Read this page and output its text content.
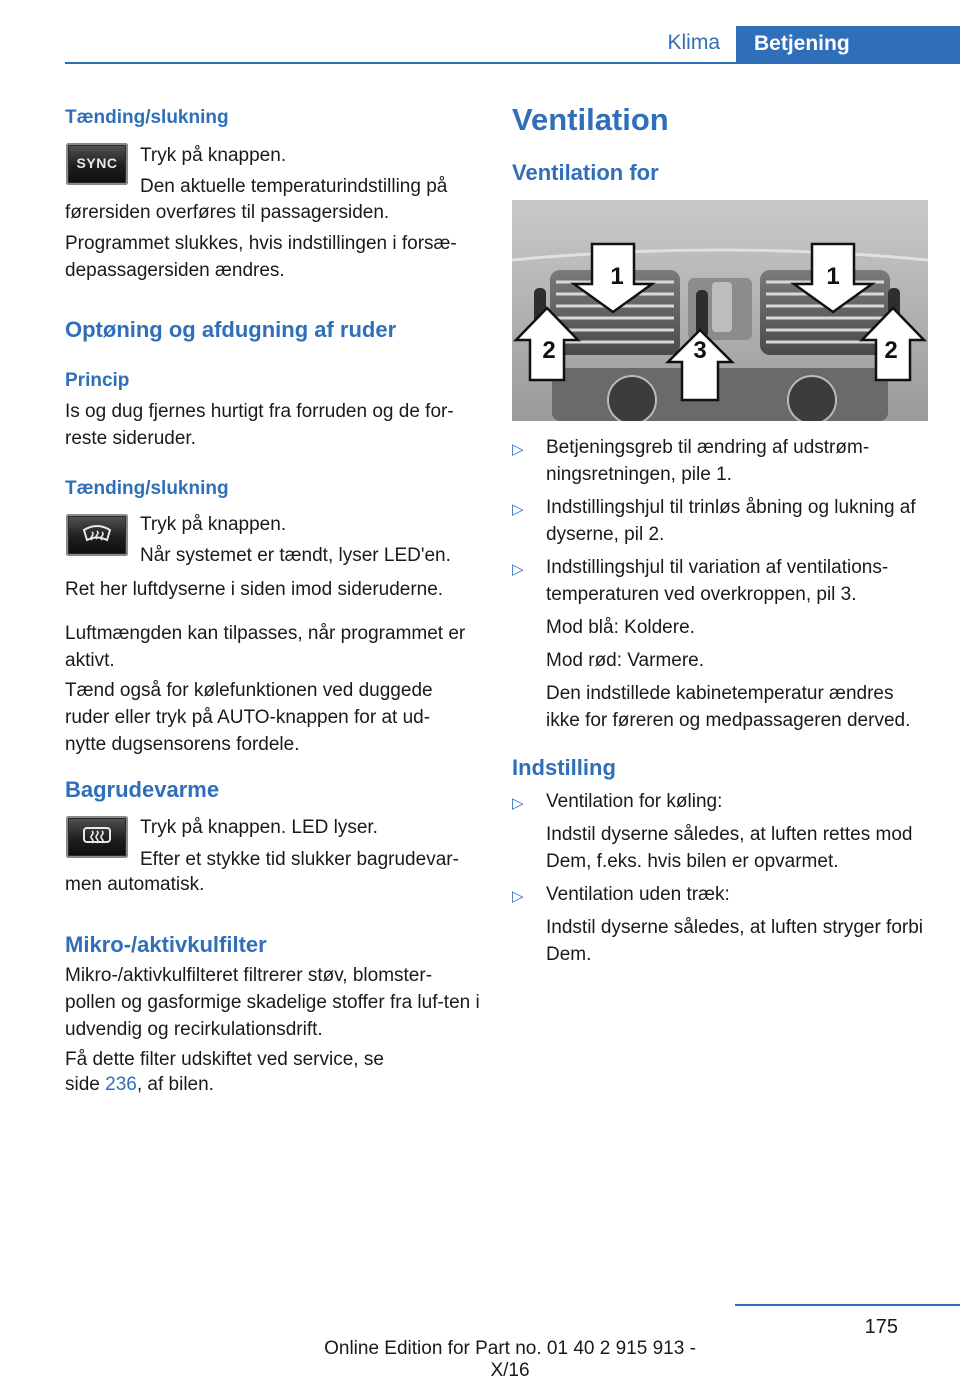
Klima	Betjening
Tænding/slukning
SYNC	Tryk på knappen.
Den aktuelle temperaturindstilling på
førersiden overføres til passagersiden.
Programmet slukkes, hvis indstillingen i forsæ-depassagersiden ændres.
Optøning og afdugning af ruder
Princip
Is og dug fjernes hurtigt fra forruden og de for-reste sideruder.
Tænding/slukning
Tryk på knappen.
Når systemet er tændt, lyser LED'en.
Ret her luftdyserne i siden imod sideruderne.
Luftmængden kan tilpasses, når programmet er aktivt.
Tænd også for kølefunktionen ved duggede ruder eller tryk på AUTO-knappen for at ud-nytte dugsensorens fordele.
Bagrudevarme
Tryk på knappen. LED lyser.
Efter et stykke tid slukker bagrudevar-
men automatisk.
Mikro-/aktivkulfilter
Mikro-/aktivkulfilteret filtrerer støv, blomster-pollen og gasformige skadelige stoffer fra luf-ten i udvendig og recirkulationsdrift.
Få dette filter udskiftet ved service, se
side 236, af bilen.
Ventilation
Ventilation for
1	1
2	3	2
▷ Betjeningsgreb til ændring af udstrøm-ningsretningen, pile 1.

▷ Indstillingshjul til trinløs åbning og lukning af dyserne, pil 2.

▷ Indstillingshjul til variation af ventilations-temperaturen ved overkroppen, pil 3.

Mod blå: Koldere.

Mod rød: Varmere.

Den indstillede kabinetemperatur ændres ikke for føreren og medpassageren derved.

Indstilling
▷ Ventilation for køling:

Indstil dyserne således, at luften rettes mod Dem, f.eks. hvis bilen er opvarmet.

▷ Ventilation uden træk:

Indstil dyserne således, at luften stryger forbi Dem.

175
Online Edition for Part no. 01 40 2 915 913 - X/16
